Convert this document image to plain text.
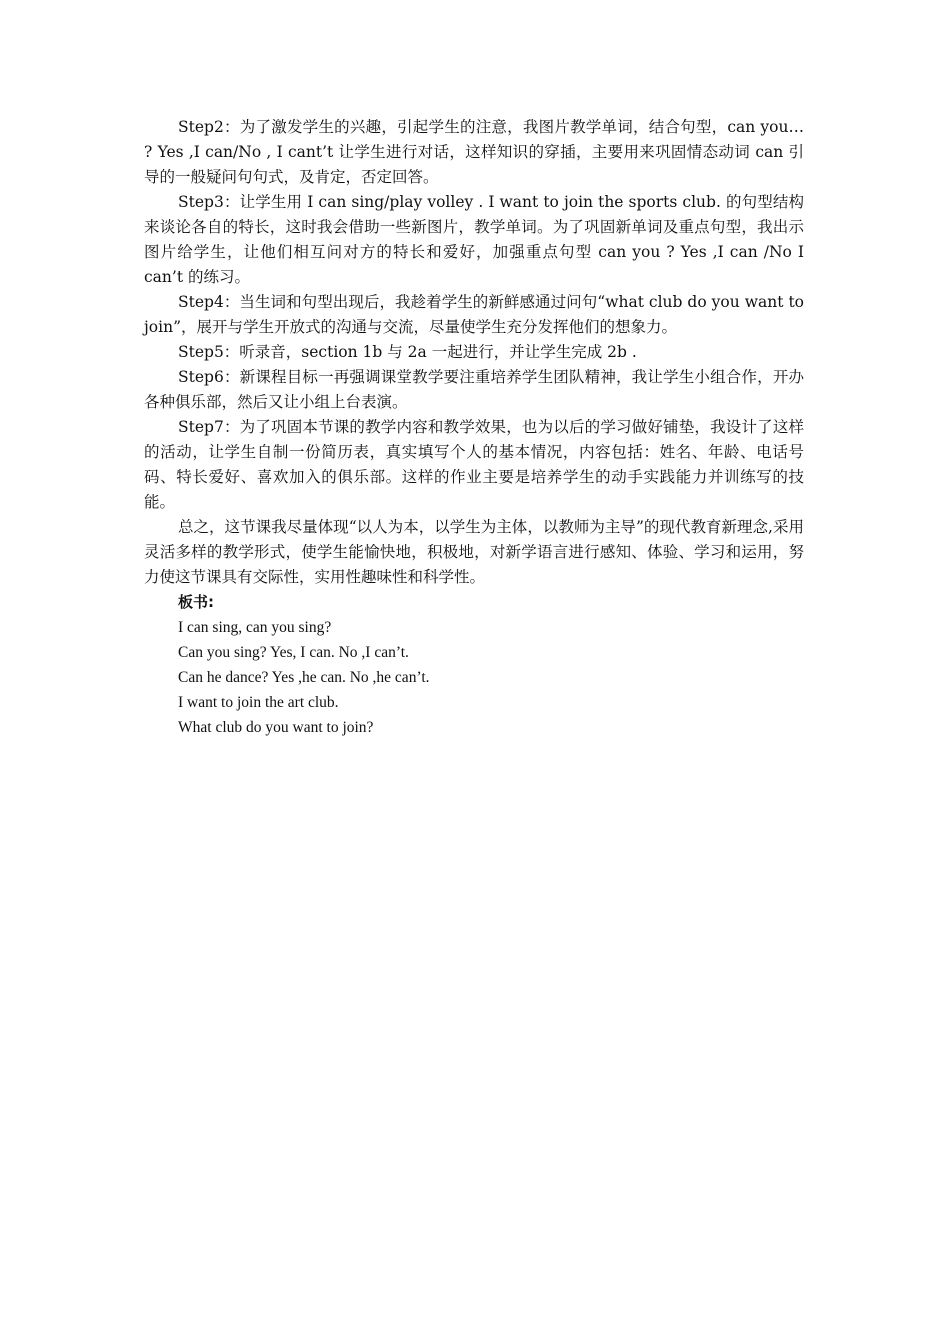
Step2：为了激发学生的兴趣，引起学生的注意，我图片教学单词，结合句型，can you… ? Yes ,I can/No , I cant’t 让学生进行对话，这样知识的穿插，主要用来巩固情态动词 can 引导的一般疑问句句式，及肯定，否定回答。

Step3：让学生用 I can sing/play volley . I want to join the sports club. 的句型结构来谈论各自的特长，这时我会借助一些新图片，教学单词。为了巩固新单词及重点句型，我出示图片给学生，让他们相互问对方的特长和爱好，加强重点句型 can you ? Yes ,I can /No I can’t 的练习。

Step4：当生词和句型出现后，我趁着学生的新鲜感通过问句“what club do you want to join”，展开与学生开放式的沟通与交流，尽量使学生充分发挥他们的想象力。

Step5：听录音，section 1b 与 2a 一起进行，并让学生完成 2b .

Step6：新课程目标一再强调课堂教学要注重培养学生团队精神，我让学生小组合作，开办各种俱乐部，然后又让小组上台表演。

Step7：为了巩固本节课的教学内容和教学效果，也为以后的学习做好铺垫，我设计了这样的活动，让学生自制一份简历表，真实填写个人的基本情况，内容包括：姓名、年龄、电话号码、特长爱好、喜欢加入的俱乐部。这样的作业主要是培养学生的动手实践能力并训练写的技能。

总之，这节课我尽量体现“以人为本，以学生为主体，以教师为主导”的现代教育新理念,采用灵活多样的教学形式，使学生能愉快地，积极地，对新学语言进行感知、体验、学习和运用，努力使这节课具有交际性，实用性趣味性和科学性。

板书:

I can sing, can you sing?

Can you sing? Yes, I can. No ,I can’t.

Can he dance? Yes ,he can. No ,he can’t.

I want to join the art club.

What club do you want to join?
